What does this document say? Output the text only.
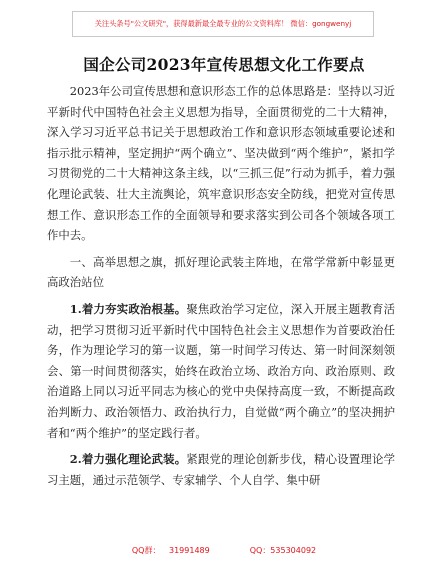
关注头条号"公文研究"，获得最新最全最专业的公文资料库！ 微信：gongwenyj
国企公司2023年宣传思想文化工作要点

2023年公司宣传思想和意识形态工作的总体思路是：坚持以习近平新时代中国特色社会主义思想为指导，全面贯彻党的二十大精神，深入学习习近平总书记关于思想政治工作和意识形态领域重要论述和指示批示精神，坚定拥护“两个确立”、坚决做到“两个维护”，紧扣学习贯彻党的二十大精神这条主线，以“三抓三促”行动为抓手，着力强化理论武装、壮大主流舆论，筑牢意识形态安全防线，把党对宣传思想工作、意识形态工作的全面领导和要求落实到公司各个领域各项工作中去。

一、高举思想之旗，抓好理论武装主阵地，在常学常新中彰显更高政治站位

1.着力夯实政治根基。聚焦政治学习定位，深入开展主题教育活动，把学习贯彻习近平新时代中国特色社会主义思想作为首要政治任务，作为理论学习的第一议题，第一时间学习传达、第一时间深刻领会、第一时间贯彻落实，始终在政治立场、政治方向、政治原则、政治道路上同以习近平同志为核心的党中央保持高度一致，不断提高政治判断力、政治领悟力、政治执行力，自觉做“两个确立”的坚决拥护者和“两个维护”的坚定践行者。

2.着力强化理论武装。紧跟党的理论创新步伐，精心设置理论学习主题，通过示范领学、专家辅学、个人自学、集中研

QQ群： 31991489	QQ：535304092
